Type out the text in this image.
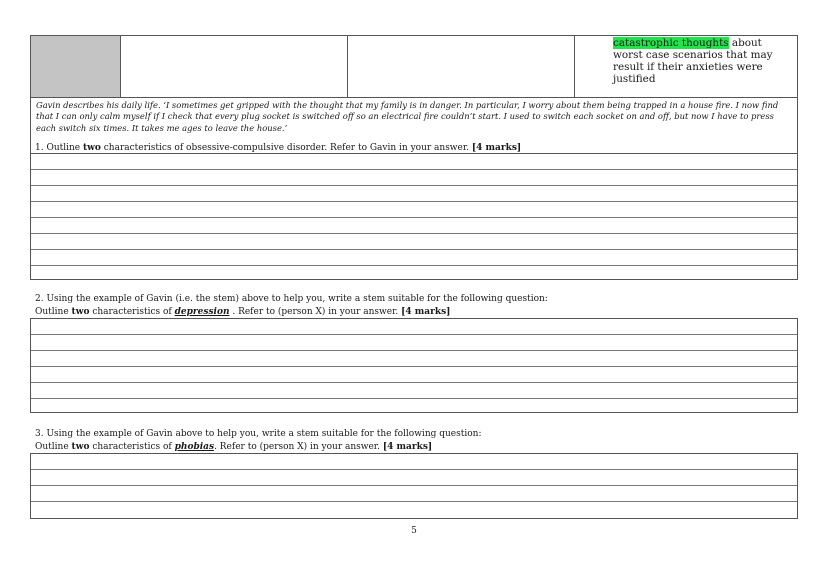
catastrophic thoughts about worst case scenarios that may result if their anxieties were justified
Gavin describes his daily life. ‘I sometimes get gripped with the thought that my family is in danger. In particular, I worry about them being trapped in a house fire. I now find that I can only calm myself if I check that every plug socket is switched off so an electrical fire couldn’t start. I used to switch each socket on and off, but now I have to press each switch six times. It takes me ages to leave the house.’
1. Outline two characteristics of obsessive-compulsive disorder. Refer to Gavin in your answer. [4 marks]
2. Using the example of Gavin (i.e. the stem) above to help you, write a stem suitable for the following question:
Outline two characteristics of depression . Refer to (person X) in your answer. [4 marks]
3. Using the example of Gavin above to help you, write a stem suitable for the following question:
Outline two characteristics of phobias. Refer to (person X) in your answer. [4 marks]
5
